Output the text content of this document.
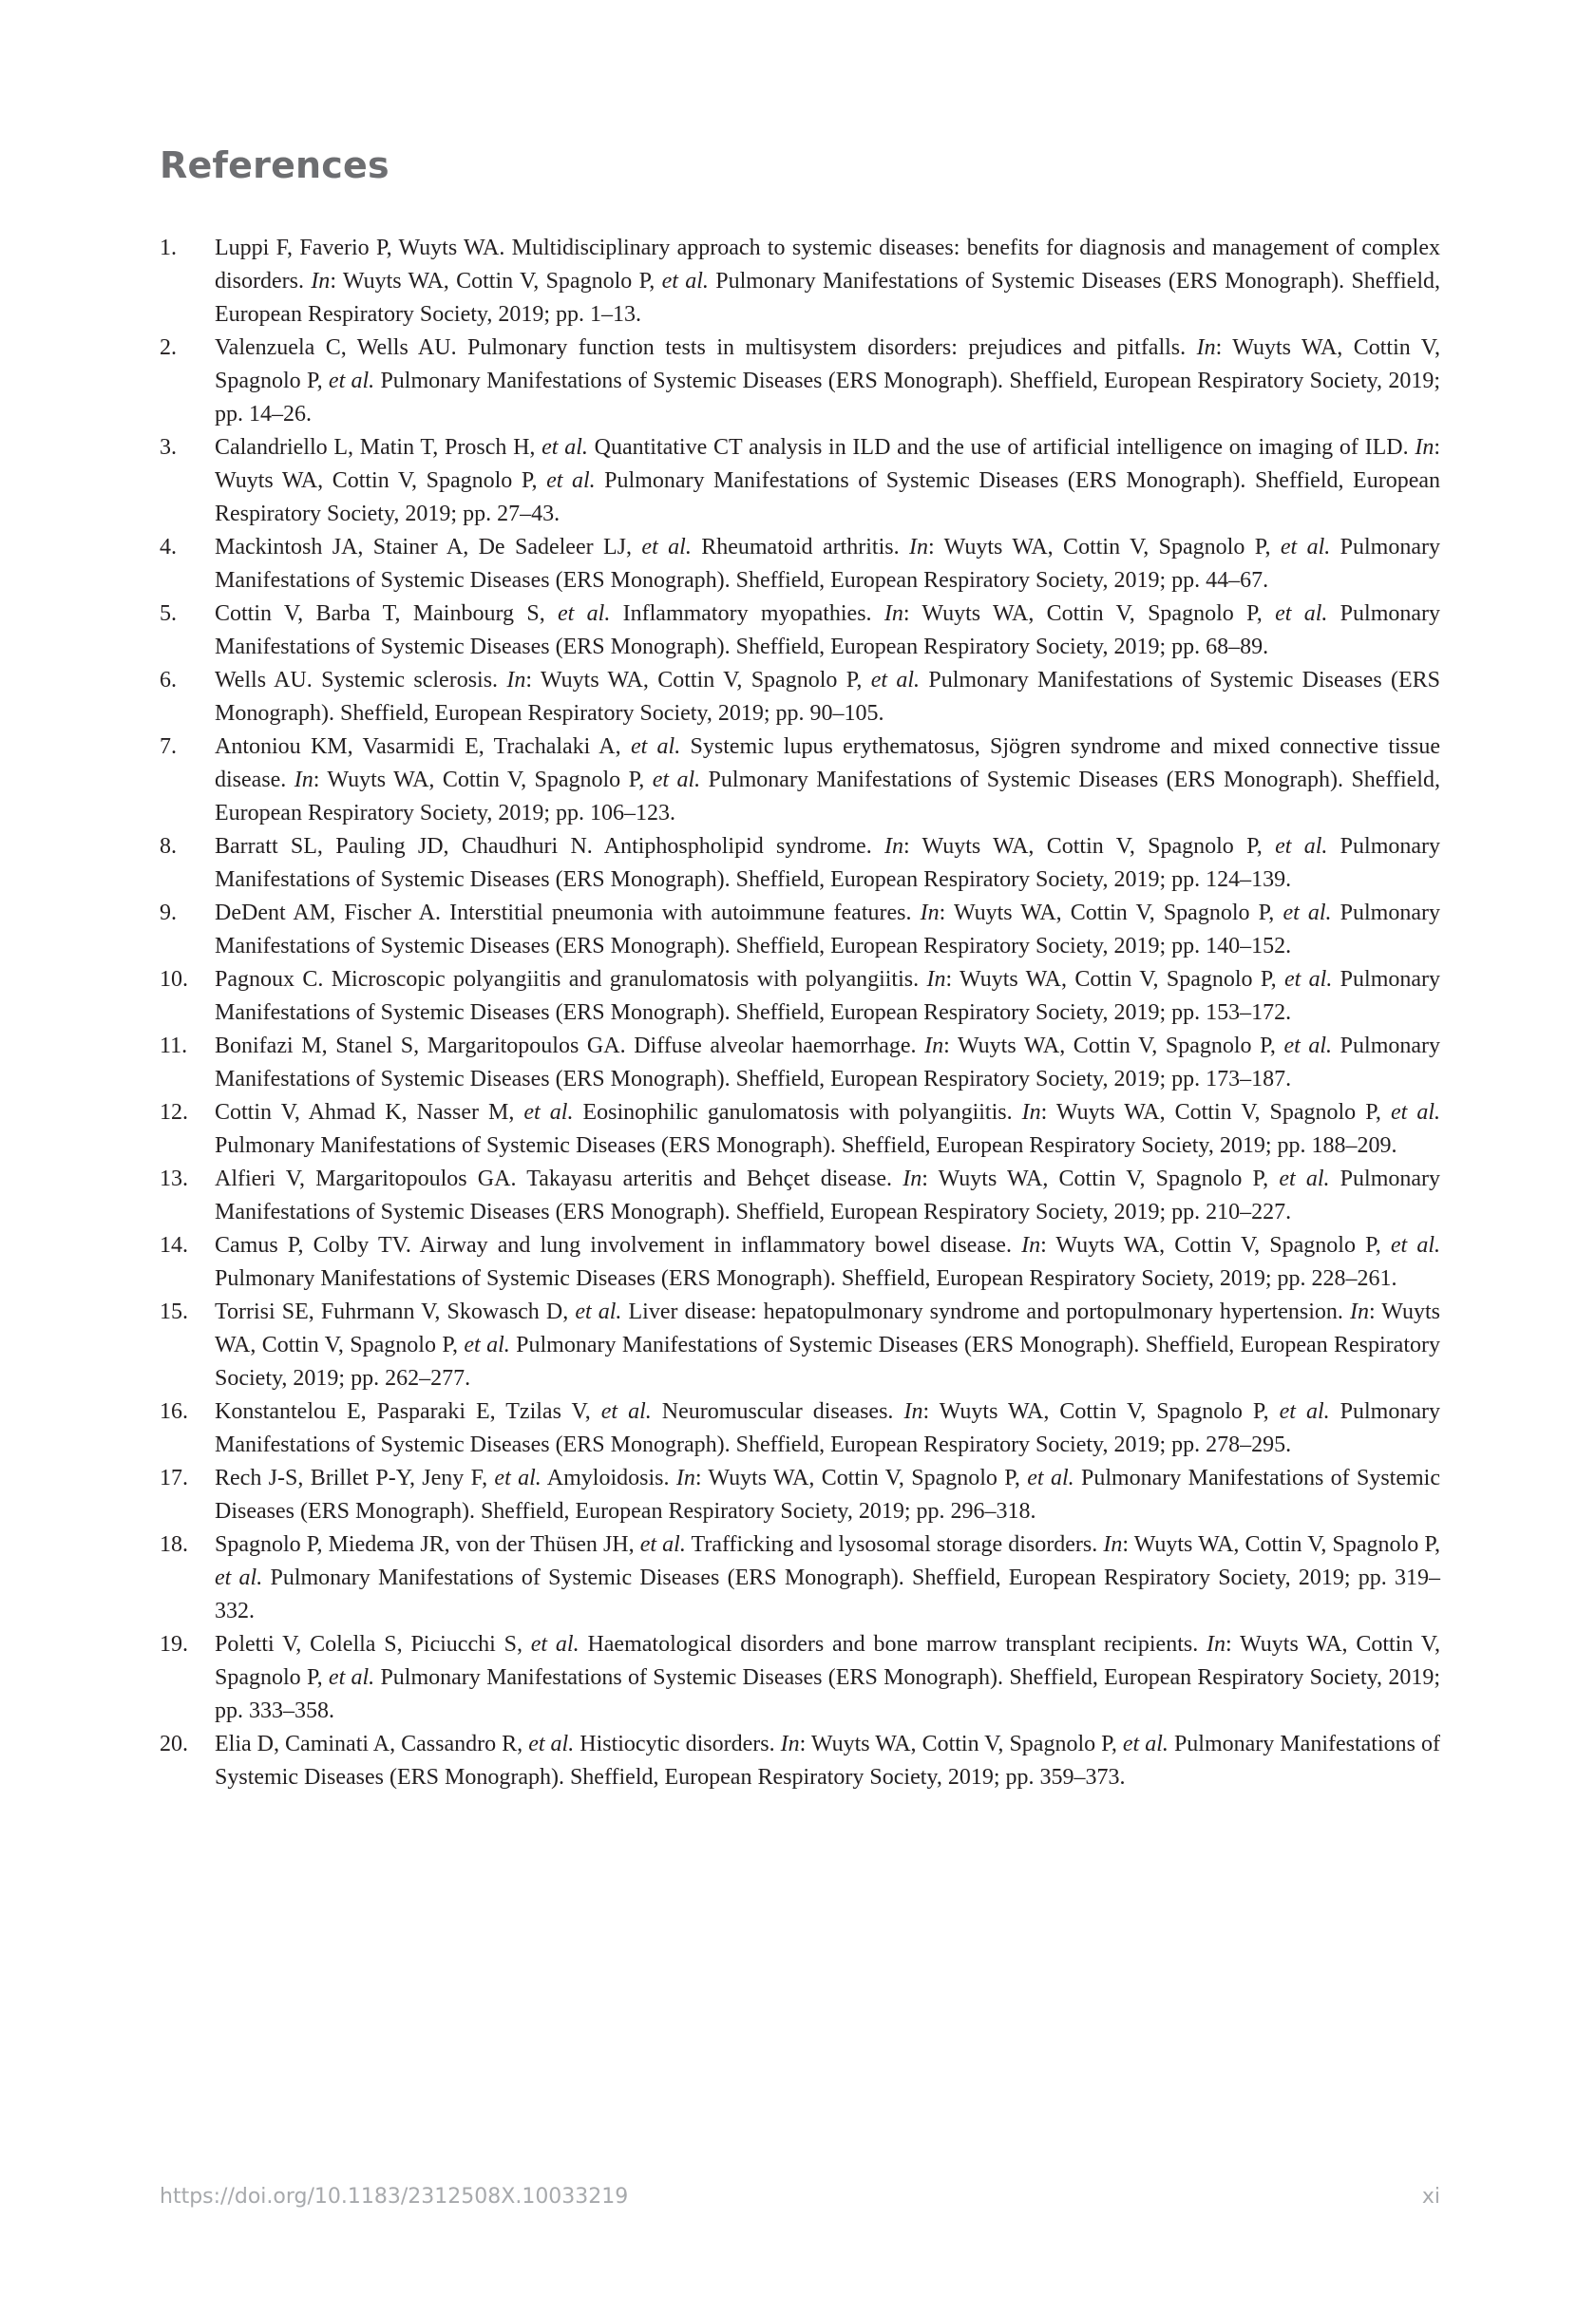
References
1.	Luppi F, Faverio P, Wuyts WA. Multidisciplinary approach to systemic diseases: benefits for diagnosis and management of complex disorders. In: Wuyts WA, Cottin V, Spagnolo P, et al. Pulmonary Manifestations of Systemic Diseases (ERS Monograph). Sheffield, European Respiratory Society, 2019; pp. 1–13.
2.	Valenzuela C, Wells AU. Pulmonary function tests in multisystem disorders: prejudices and pitfalls. In: Wuyts WA, Cottin V, Spagnolo P, et al. Pulmonary Manifestations of Systemic Diseases (ERS Monograph). Sheffield, European Respiratory Society, 2019; pp. 14–26.
3.	Calandriello L, Matin T, Prosch H, et al. Quantitative CT analysis in ILD and the use of artificial intelligence on imaging of ILD. In: Wuyts WA, Cottin V, Spagnolo P, et al. Pulmonary Manifestations of Systemic Diseases (ERS Monograph). Sheffield, European Respiratory Society, 2019; pp. 27–43.
4.	Mackintosh JA, Stainer A, De Sadeleer LJ, et al. Rheumatoid arthritis. In: Wuyts WA, Cottin V, Spagnolo P, et al. Pulmonary Manifestations of Systemic Diseases (ERS Monograph). Sheffield, European Respiratory Society, 2019; pp. 44–67.
5.	Cottin V, Barba T, Mainbourg S, et al. Inflammatory myopathies. In: Wuyts WA, Cottin V, Spagnolo P, et al. Pulmonary Manifestations of Systemic Diseases (ERS Monograph). Sheffield, European Respiratory Society, 2019; pp. 68–89.
6.	Wells AU. Systemic sclerosis. In: Wuyts WA, Cottin V, Spagnolo P, et al. Pulmonary Manifestations of Systemic Diseases (ERS Monograph). Sheffield, European Respiratory Society, 2019; pp. 90–105.
7.	Antoniou KM, Vasarmidi E, Trachalaki A, et al. Systemic lupus erythematosus, Sjögren syndrome and mixed connective tissue disease. In: Wuyts WA, Cottin V, Spagnolo P, et al. Pulmonary Manifestations of Systemic Diseases (ERS Monograph). Sheffield, European Respiratory Society, 2019; pp. 106–123.
8.	Barratt SL, Pauling JD, Chaudhuri N. Antiphospholipid syndrome. In: Wuyts WA, Cottin V, Spagnolo P, et al. Pulmonary Manifestations of Systemic Diseases (ERS Monograph). Sheffield, European Respiratory Society, 2019; pp. 124–139.
9.	DeDent AM, Fischer A. Interstitial pneumonia with autoimmune features. In: Wuyts WA, Cottin V, Spagnolo P, et al. Pulmonary Manifestations of Systemic Diseases (ERS Monograph). Sheffield, European Respiratory Society, 2019; pp. 140–152.
10.	Pagnoux C. Microscopic polyangiitis and granulomatosis with polyangiitis. In: Wuyts WA, Cottin V, Spagnolo P, et al. Pulmonary Manifestations of Systemic Diseases (ERS Monograph). Sheffield, European Respiratory Society, 2019; pp. 153–172.
11.	Bonifazi M, Stanel S, Margaritopoulos GA. Diffuse alveolar haemorrhage. In: Wuyts WA, Cottin V, Spagnolo P, et al. Pulmonary Manifestations of Systemic Diseases (ERS Monograph). Sheffield, European Respiratory Society, 2019; pp. 173–187.
12.	Cottin V, Ahmad K, Nasser M, et al. Eosinophilic ganulomatosis with polyangiitis. In: Wuyts WA, Cottin V, Spagnolo P, et al. Pulmonary Manifestations of Systemic Diseases (ERS Monograph). Sheffield, European Respiratory Society, 2019; pp. 188–209.
13.	Alfieri V, Margaritopoulos GA. Takayasu arteritis and Behçet disease. In: Wuyts WA, Cottin V, Spagnolo P, et al. Pulmonary Manifestations of Systemic Diseases (ERS Monograph). Sheffield, European Respiratory Society, 2019; pp. 210–227.
14.	Camus P, Colby TV. Airway and lung involvement in inflammatory bowel disease. In: Wuyts WA, Cottin V, Spagnolo P, et al. Pulmonary Manifestations of Systemic Diseases (ERS Monograph). Sheffield, European Respiratory Society, 2019; pp. 228–261.
15.	Torrisi SE, Fuhrmann V, Skowasch D, et al. Liver disease: hepatopulmonary syndrome and portopulmonary hypertension. In: Wuyts WA, Cottin V, Spagnolo P, et al. Pulmonary Manifestations of Systemic Diseases (ERS Monograph). Sheffield, European Respiratory Society, 2019; pp. 262–277.
16.	Konstantelou E, Pasparaki E, Tzilas V, et al. Neuromuscular diseases. In: Wuyts WA, Cottin V, Spagnolo P, et al. Pulmonary Manifestations of Systemic Diseases (ERS Monograph). Sheffield, European Respiratory Society, 2019; pp. 278–295.
17.	Rech J-S, Brillet P-Y, Jeny F, et al. Amyloidosis. In: Wuyts WA, Cottin V, Spagnolo P, et al. Pulmonary Manifestations of Systemic Diseases (ERS Monograph). Sheffield, European Respiratory Society, 2019; pp. 296–318.
18.	Spagnolo P, Miedema JR, von der Thüsen JH, et al. Trafficking and lysosomal storage disorders. In: Wuyts WA, Cottin V, Spagnolo P, et al. Pulmonary Manifestations of Systemic Diseases (ERS Monograph). Sheffield, European Respiratory Society, 2019; pp. 319–332.
19.	Poletti V, Colella S, Piciucchi S, et al. Haematological disorders and bone marrow transplant recipients. In: Wuyts WA, Cottin V, Spagnolo P, et al. Pulmonary Manifestations of Systemic Diseases (ERS Monograph). Sheffield, European Respiratory Society, 2019; pp. 333–358.
20.	Elia D, Caminati A, Cassandro R, et al. Histiocytic disorders. In: Wuyts WA, Cottin V, Spagnolo P, et al. Pulmonary Manifestations of Systemic Diseases (ERS Monograph). Sheffield, European Respiratory Society, 2019; pp. 359–373.
https://doi.org/10.1183/2312508X.10033219	xi
